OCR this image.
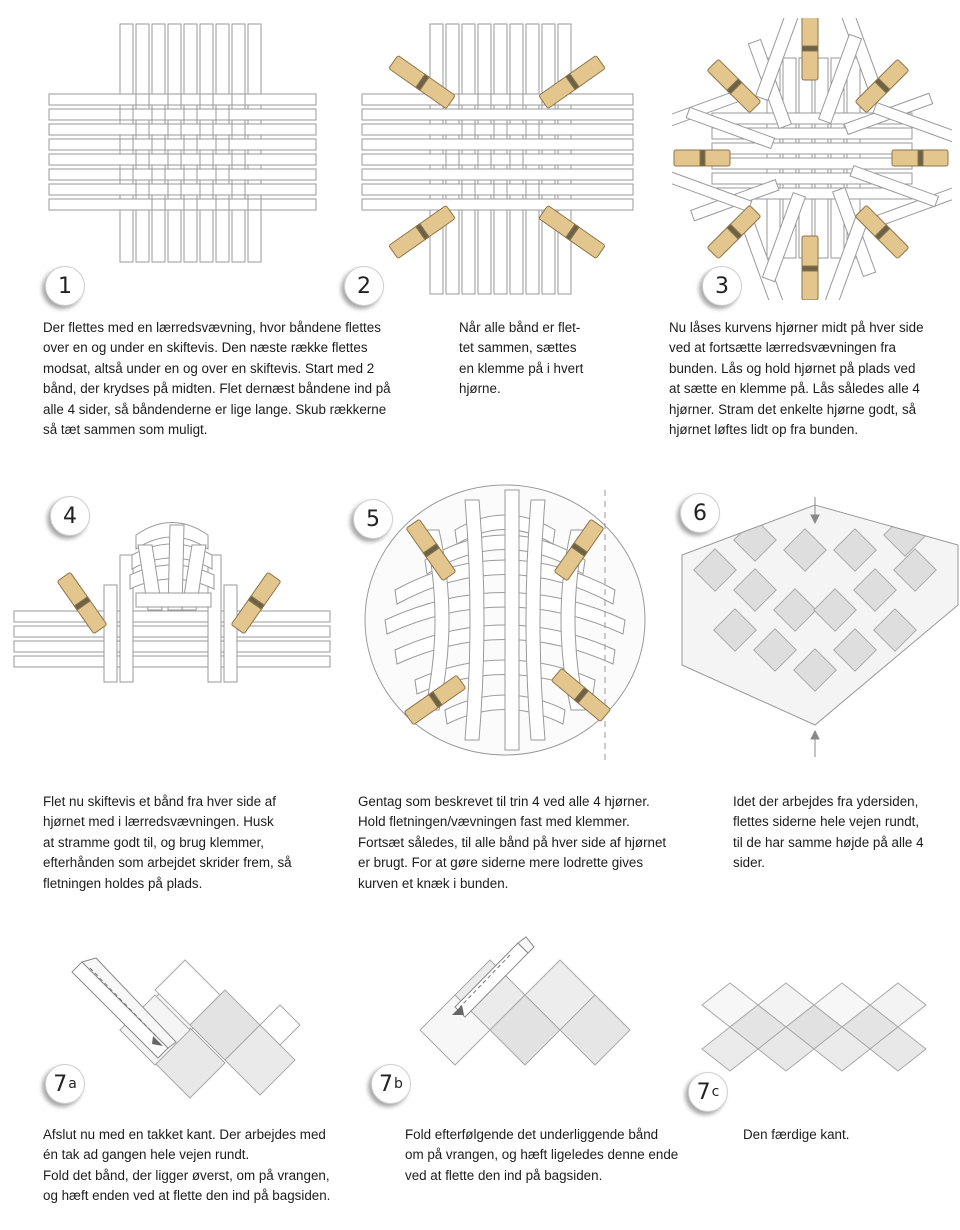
1	2	3
Der flettes med en lærredsvævning, hvor båndene flettes
over en og under en skiftevis. Den næste række flettes
modsat, altså under en og over en skiftevis. Start med 2
bånd, der krydses på midten. Flet dernæst båndene ind på
alle 4 sider, så båndenderne er lige lange. Skub rækkerne
så tæt sammen som muligt.
Når alle bånd er flet-
tet sammen, sættes
en klemme på i hvert
hjørne.
Nu låses kurvens hjørner midt på hver side
ved at fortsætte lærredsvævningen fra
bunden. Lås og hold hjørnet på plads ved
at sætte en klemme på. Lås således alle 4
hjørner. Stram det enkelte hjørne godt, så
hjørnet løftes lidt op fra bunden.
4	5	6
Flet nu skiftevis et bånd fra hver side af
hjørnet med i lærredsvævningen. Husk
at stramme godt til, og brug klemmer,
efterhånden som arbejdet skrider frem, så
fletningen holdes på plads.
Gentag som beskrevet til trin 4 ved alle 4 hjørner.
Hold fletningen/vævningen fast med klemmer.
Fortsæt således, til alle bånd på hver side af hjørnet
er brugt. For at gøre siderne mere lodrette gives
kurven et knæk i bunden.
Idet der arbejdes fra ydersiden,
flettes siderne hele vejen rundt,
til de har samme højde på alle 4
sider.
7 a	7 b	7 c
Afslut nu med en takket kant. Der arbejdes med
én tak ad gangen hele vejen rundt.
Fold det bånd, der ligger øverst, om på vrangen,
og hæft enden ved at flette den ind på bagsiden.
Fold efterfølgende det underliggende bånd
om på vrangen, og hæft ligeledes denne ende
ved at flette den ind på bagsiden.
Den færdige kant.
